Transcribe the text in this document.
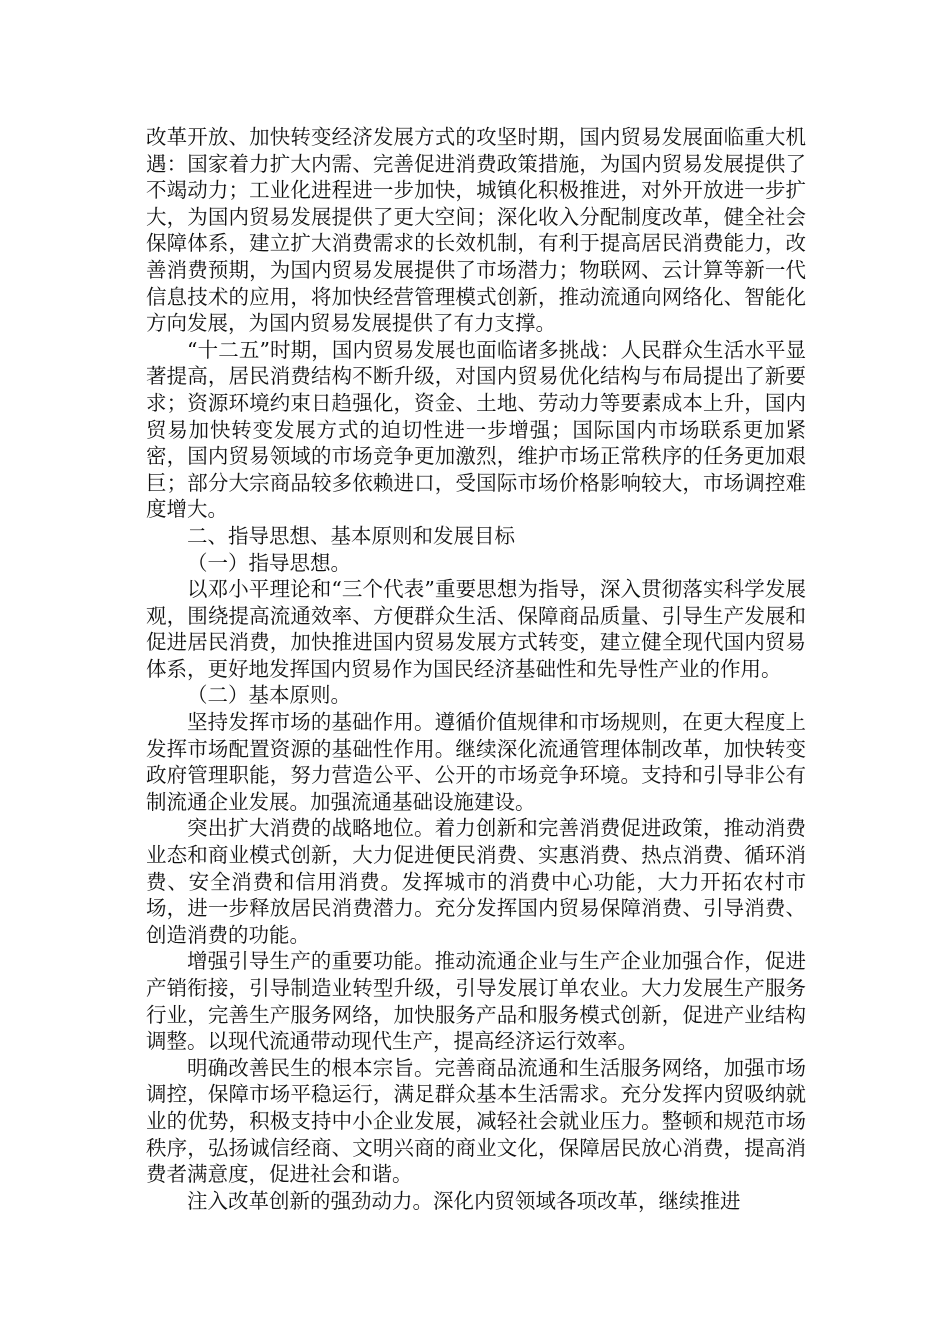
改革开放、加快转变经济发展方式的攻坚时期，国内贸易发展面临重大机遇：国家着力扩大内需、完善促进消费政策措施，为国内贸易发展提供了不竭动力；工业化进程进一步加快，城镇化积极推进，对外开放进一步扩大，为国内贸易发展提供了更大空间；深化收入分配制度改革，健全社会保障体系，建立扩大消费需求的长效机制，有利于提高居民消费能力，改善消费预期，为国内贸易发展提供了市场潜力；物联网、云计算等新一代信息技术的应用，将加快经营管理模式创新，推动流通向网络化、智能化方向发展，为国内贸易发展提供了有力支撑。

“十二五”时期，国内贸易发展也面临诸多挑战：人民群众生活水平显著提高，居民消费结构不断升级，对国内贸易优化结构与布局提出了新要求；资源环境约束日趋强化，资金、土地、劳动力等要素成本上升，国内贸易加快转变发展方式的迫切性进一步增强；国际国内市场联系更加紧密，国内贸易领域的市场竞争更加激烈，维护市场正常秩序的任务更加艰巨；部分大宗商品较多依赖进口，受国际市场价格影响较大，市场调控难度增大。

二、指导思想、基本原则和发展目标

（一）指导思想。

以邓小平理论和“三个代表”重要思想为指导，深入贯彻落实科学发展观，围绕提高流通效率、方便群众生活、保障商品质量、引导生产发展和促进居民消费，加快推进国内贸易发展方式转变，建立健全现代国内贸易体系，更好地发挥国内贸易作为国民经济基础性和先导性产业的作用。

（二）基本原则。

坚持发挥市场的基础作用。遵循价值规律和市场规则，在更大程度上发挥市场配置资源的基础性作用。继续深化流通管理体制改革，加快转变政府管理职能，努力营造公平、公开的市场竞争环境。支持和引导非公有制流通企业发展。加强流通基础设施建设。

突出扩大消费的战略地位。着力创新和完善消费促进政策，推动消费业态和商业模式创新，大力促进便民消费、实惠消费、热点消费、循环消费、安全消费和信用消费。发挥城市的消费中心功能，大力开拓农村市场，进一步释放居民消费潜力。充分发挥国内贸易保障消费、引导消费、创造消费的功能。

增强引导生产的重要功能。推动流通企业与生产企业加强合作，促进产销衔接，引导制造业转型升级，引导发展订单农业。大力发展生产服务行业，完善生产服务网络，加快服务产品和服务模式创新，促进产业结构调整。以现代流通带动现代生产，提高经济运行效率。

明确改善民生的根本宗旨。完善商品流通和生活服务网络，加强市场调控，保障市场平稳运行，满足群众基本生活需求。充分发挥内贸吸纳就业的优势，积极支持中小企业发展，减轻社会就业压力。整顿和规范市场秩序，弘扬诚信经商、文明兴商的商业文化，保障居民放心消费，提高消费者满意度，促进社会和谐。

注入改革创新的强劲动力。深化内贸领域各项改革，继续推进
